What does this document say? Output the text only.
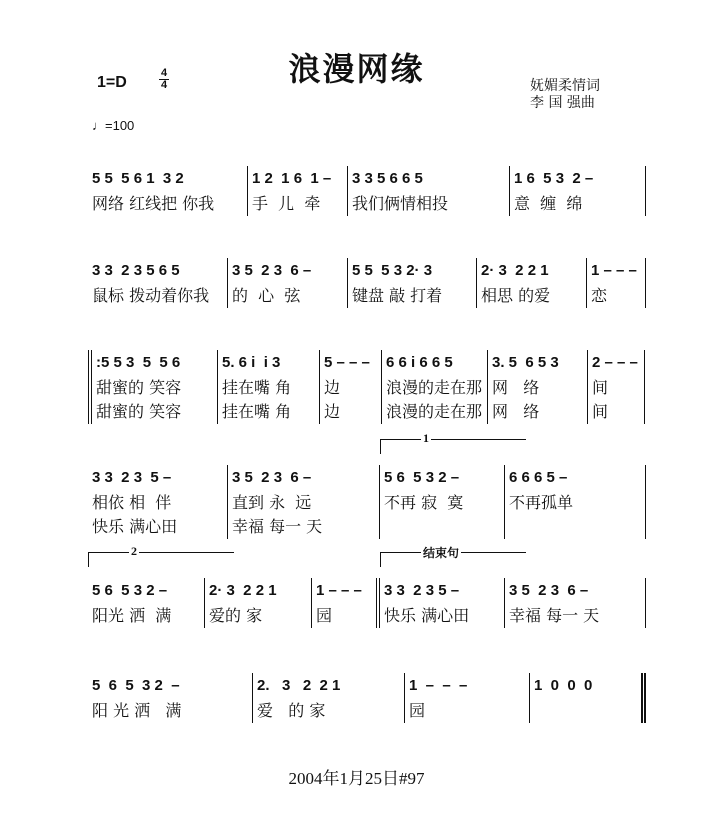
浪漫网缘
1=D
4
4
♩=100
妩媚柔情词
李 国 强曲
5 5  5 6 1  3 2
网络 红线把 你我
1 2  1 6  1 –
手  儿  牵
3 3 5 6 6 5
我们俩情相投
1 6  5 3  2 –
意  缠  绵
3 3  2 3 5 6 5
鼠标 拨动着你我
3 5  2 3  6 –
的  心  弦
5 5  5 3 2· 3
键盘 敲 打着
2· 3  2 2 1
相思 的爱
1 – – –
恋
:5 5 3  5  5 6
甜蜜的 笑容
甜蜜的 笑容
5. 6 i  i 3
挂在嘴 角
挂在嘴 角
5 – – –
边
边
6 6 i 6 6 5
浪漫的走在那
浪漫的走在那
3. 5  6 5 3
网   络
网   络
2 – – –
间
间
1
3 3  2 3  5 –
相依 相  伴
快乐 满心田
3 5  2 3  6 –
直到 永  远
幸福 每一 天
5 6  5 3 2 –
不再 寂  寞
6 6 6 5 –
不再孤单
2	结束句
5 6  5 3 2 –
阳光 洒  满
2· 3  2 2 1
爱的 家
1 – – –
园
3 3  2 3 5 –
快乐 满心田
3 5  2 3  6 –
幸福 每一 天
5  6  5  3 2  –
阳 光 洒   满
2.   3   2  2 1
爱   的 家
1  –  –  –
园
1  0  0  0
2004年1月25日#97
